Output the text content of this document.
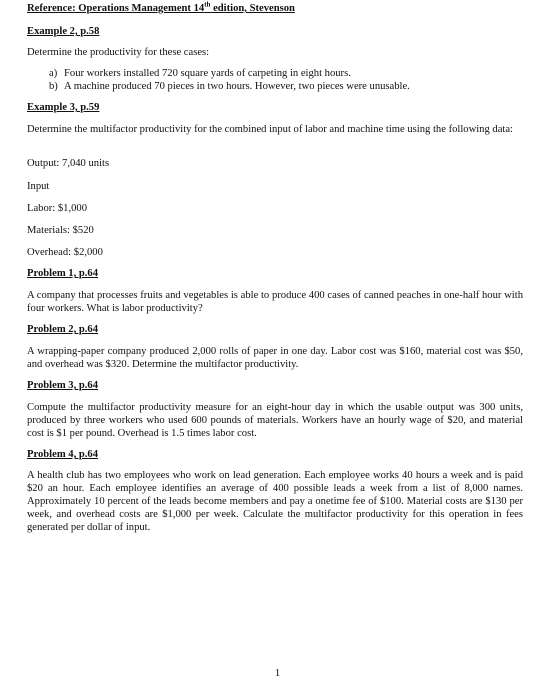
Reference: Operations Management 14th edition, Stevenson
Example 2, p.58
Determine the productivity for these cases:
a) Four workers installed 720 square yards of carpeting in eight hours.
b) A machine produced 70 pieces in two hours. However, two pieces were unusable.
Example 3, p.59
Determine the multifactor productivity for the combined input of labor and machine time using the following data:
Output: 7,040 units
Input
Labor: $1,000
Materials: $520
Overhead: $2,000
Problem 1, p.64
A company that processes fruits and vegetables is able to produce 400 cases of canned peaches in one-half hour with four workers. What is labor productivity?
Problem 2, p.64
A wrapping-paper company produced 2,000 rolls of paper in one day. Labor cost was $160, material cost was $50, and overhead was $320. Determine the multifactor productivity.
Problem 3, p.64
Compute the multifactor productivity measure for an eight-hour day in which the usable output was 300 units, produced by three workers who used 600 pounds of materials. Workers have an hourly wage of $20, and material cost is $1 per pound. Overhead is 1.5 times labor cost.
Problem 4, p.64
A health club has two employees who work on lead generation. Each employee works 40 hours a week and is paid $20 an hour. Each employee identifies an average of 400 possible leads a week from a list of 8,000 names. Approximately 10 percent of the leads become members and pay a onetime fee of $100. Material costs are $130 per week, and overhead costs are $1,000 per week. Calculate the multifactor productivity for this operation in fees generated per dollar of input.
1
